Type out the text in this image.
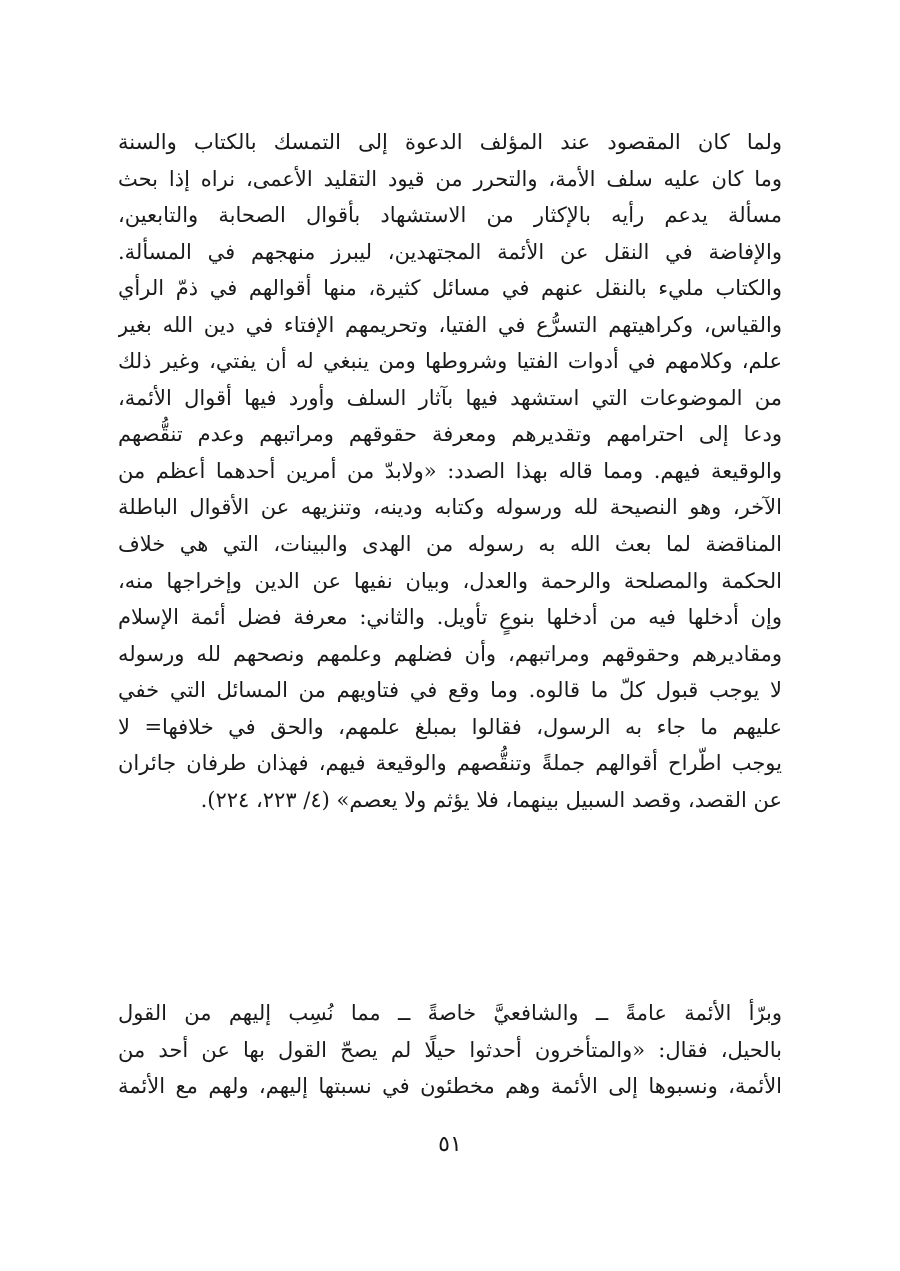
ولما كان المقصود عند المؤلف الدعوة إلى التمسك بالكتاب والسنة
وما كان عليه سلف الأمة، والتحرر من قيود التقليد الأعمى، نراه إذا بحث
مسألة يدعم رأيه بالإكثار من الاستشهاد بأقوال الصحابة والتابعين،
والإفاضة في النقل عن الأئمة المجتهدين، ليبرز منهجهم في المسألة.
والكتاب مليء بالنقل عنهم في مسائل كثيرة، منها أقوالهم في ذمّ الرأي
والقياس، وكراهيتهم التسرُّع في الفتيا، وتحريمهم الإفتاء في دين الله بغير
علم، وكلامهم في أدوات الفتيا وشروطها ومن ينبغي له أن يفتي، وغير ذلك
من الموضوعات التي استشهد فيها بآثار السلف وأورد فيها أقوال الأئمة،
ودعا إلى احترامهم وتقديرهم ومعرفة حقوقهم ومراتبهم وعدم تنقُّصهم
والوقيعة فيهم. ومما قاله بهذا الصدد: «ولابدّ من أمرين أحدهما أعظم من
الآخر، وهو النصيحة لله ورسوله وكتابه ودينه، وتنزيهه عن الأقوال الباطلة
المناقضة لما بعث الله به رسوله من الهدى والبينات، التي هي خلاف
الحكمة والمصلحة والرحمة والعدل، وبيان نفيها عن الدين وإخراجها منه،
وإن أدخلها فيه من أدخلها بنوعٍ تأويل. والثاني: معرفة فضل أئمة الإسلام
ومقاديرهم وحقوقهم ومراتبهم، وأن فضلهم وعلمهم ونصحهم لله ورسوله
لا يوجب قبول كلّ ما قالوه. وما وقع في فتاويهم من المسائل التي خفي
عليهم ما جاء به الرسول، فقالوا بمبلغ علمهم، والحق في خلافها= لا
يوجب اطّراح أقوالهم جملةً وتنقُّصهم والوقيعة فيهم، فهذان طرفان جائران
عن القصد، وقصد السبيل بينهما، فلا يؤثم ولا يعصم» (٤/ ٢٢٣، ٢٢٤).
وبرّأ الأئمة عامةً ــ والشافعيَّ خاصةً ــ مما نُسِب إليهم من القول
بالحيل، فقال: «والمتأخرون أحدثوا حيلًا لم يصحّ القول بها عن أحد من
الأئمة، ونسبوها إلى الأئمة وهم مخطئون في نسبتها إليهم، ولهم مع الأئمة
٥١
